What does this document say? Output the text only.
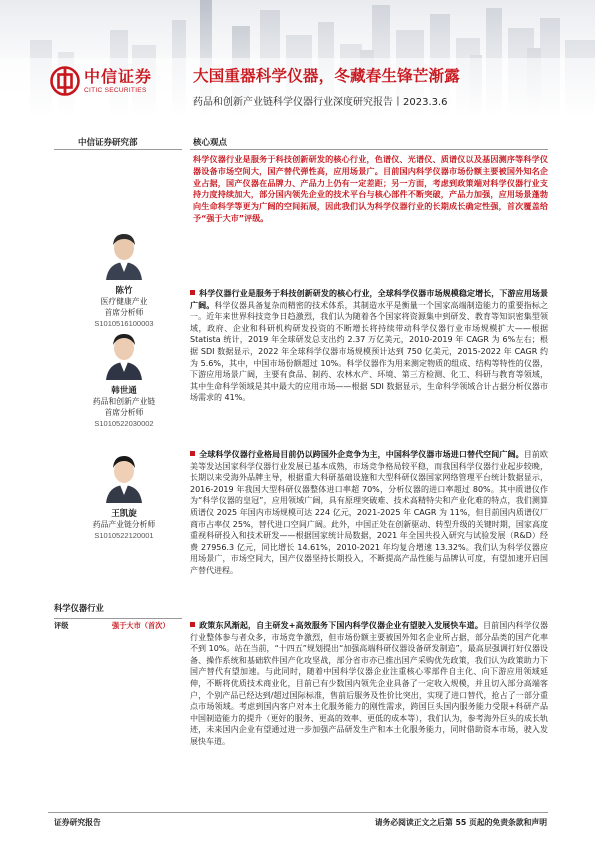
中信证券
CITIC SECURITIES
大国重器科学仪器，冬藏春生锋芒渐露
药品和创新产业链科学仪器行业深度研究报告丨2023.3.6
中信证券研究部	核心观点
科学仪器行业是服务于科技创新研发的核心行业，色谱仪、光谱仪、质谱仪以及基因测序等科学仪器设备市场空间大，国产替代弹性高，应用场景广。目前国内科学仪器市场份额主要被国外知名企业占据，国产仪器在品牌力、产品力上仍有一定差距；另一方面，考虑到政策端对科学仪器行业支持力度持续加大，部分国内领先企业的技术平台与核心部件不断突破，产品力加强，应用场景蓬勃向生命科学等更为广阔的空间拓展，因此我们认为科学仪器行业的长期成长确定性强，首次覆盖给予“强于大市”评级。
陈竹
医疗健康产业
首席分析师
S1010516100003
韩世通
药品和创新产业链
首席分析师
S1010522030002
王凯旋
药品产业链分析师
S1010522120001
科学仪器行业
评级	强于大市（首次）
科学仪器行业是服务于科技创新研发的核心行业，全球科学仪器市场规模稳定增长，下游应用场景广阔。科学仪器具备复杂而精密的技术体系，其制造水平是衡量一个国家高端制造能力的重要指标之一。近年来世界科技竞争日趋激烈，我们认为随着各个国家将资源集中到研发、教育等知识密集型领域，政府、企业和科研机构研发投资的不断增长将持续带动科学仪器行业市场规模扩大——根据 Statista 统计，2019 年全球研发总支出约 2.37 万亿美元，2010-2019 年 CAGR 为 6%左右；根据 SDI 数据显示，2022 年全球科学仪器市场规模预计达到 750 亿美元，2015-2022 年 CAGR 约为 5.6%，其中，中国市场份额超过 10%。科学仪器作为用来测定物质的组成、结构等特性的仪器，下游应用场景广阔，主要有食品、制药、农林水产、环境、第三方检测、化工、科研与教育等领域，其中生命科学领域是其中最大的应用市场——根据 SDI 数据显示，生命科学领域合计占据分析仪器市场需求的 41%。
全球科学仪器行业格局目前仍以跨国外企竞争为主，中国科学仪器市场进口替代空间广阔。目前欧美等发达国家科学仪器行业发展已基本成熟，市场竞争格局较平稳，而我国科学仪器行业起步较晚，长期以来受海外品牌主导，根据重大科研基础设施和大型科研仪器国家网络管理平台统计数据显示，2016-2019 年我国大型科研仪器整体进口率超 70%，分析仪器的进口率超过 80%。其中质谱仪作为“科学仪器的皇冠”，应用领域广阔，具有原理突破难、技术高精特尖和产业化难的特点，我们测算质谱仪 2025 年国内市场规模可达 224 亿元，2021-2025 年 CAGR 为 11%，但目前国内质谱仪厂商市占率仅 25%，替代进口空间广阔。此外，中国正处在创新驱动、转型升级的关键时期，国家高度重视科研投入和技术研发——根据国家统计局数据，2021 年全国共投入研究与试验发展（R&D）经费 27956.3 亿元，同比增长 14.61%，2010-2021 年均复合增速 13.32%。我们认为科学仪器应用场景广，市场空间大，国产仪器坚持长期投入，不断提高产品性能与品牌认可度，有望加速开启国产替代进程。
政策东风渐起，自主研发+高效服务下国内科学仪器企业有望驶入发展快车道。目前国内科学仪器行业整体参与者众多，市场竞争激烈，但市场份额主要被国外知名企业所占据，部分品类的国产化率不到 10%。站在当前，“十四五”规划提出“加强高端科研仪器设备研发制造”，最高层强调打好仪器设备、操作系统和基础软件国产化攻坚战，部分省市亦已推出国产采购优先政策，我们认为政策助力下国产替代有望加速。与此同时，随着中国科学仪器企业注重核心零部件自主化、向下游应用领域延伸，不断将优质技术商业化，目前已有少数国内领先企业具备了一定收入规模，并且切入部分高端客户，个别产品已经达到/超过国际标准，售前后服务及性价比突出，实现了进口替代，抢占了一部分重点市场领域。考虑到国内客户对本土化服务能力的刚性需求，跨国巨头国内服务能力受限+科研产品中国制造能力的提升（更好的服务、更高的效率、更低的成本等），我们认为，参考海外巨头的成长轨迹，未来国内企业有望通过进一步加强产品研发生产和本土化服务能力，同时借助资本市场，驶入发展快车道。
证券研究报告	请务必阅读正文之后第 55 页起的免责条款和声明
